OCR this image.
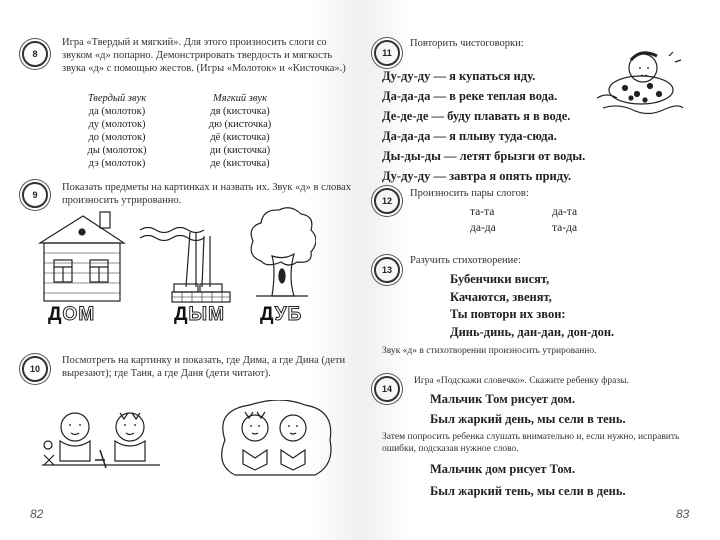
8
Игра «Твердый и мягкий». Для этого произносить слоги со звуком «д» попарно. Демонстрировать твердость и мягкость звука «д» с помощью жестов. (Игры «Молоток» и «Кисточка».)
Твердый звук
да (молоток)
ду (молоток)
до (молоток)
ды (молоток)
дэ (молоток)
Мягкий звук
дя (кисточка)
дю (кисточка)
дё (кисточка)
ди (кисточка)
де (кисточка)
9
Показать предметы на картинках и назвать их. Звук «д» в словах произносить утрированно.
ДОМ	ДЫМ ДУБ
10
Посмотреть на картинку и показать, где Дима, а где Дина (дети вырезают); где Таня, а где Даня (дети читают).
82
11
Повторить чистоговорки:
Ду-ду-ду — я купаться иду.
Да-да-да — в реке теплая вода.
Де-де-де — буду плавать я в воде.
Да-да-да — я плыву туда-сюда.
Ды-ды-ды — летят брызги от воды.
Ду-ду-ду — завтра я опять приду.
12
Произносить пары слогов:
та-та
да-да
да-та
та-да
13
Разучить стихотворение:
Бубенчики висят,
Качаются, звенят,
Ты повтори их звон:
Динь-динь, дан-дан, дон-дон.
Звук «д» в стихотворении произносить утрированно.
14
Игра «Подскажи словечко». Скажите ребенку фразы.
Мальчик Том рисует дом.
Был жаркий день, мы сели в тень.
Затем попросить ребенка слушать внимательно и, если нужно, исправить ошибки, подсказав нужное слово.
Мальчик дом рисует Том.
Был жаркий тень, мы сели в день.
83
